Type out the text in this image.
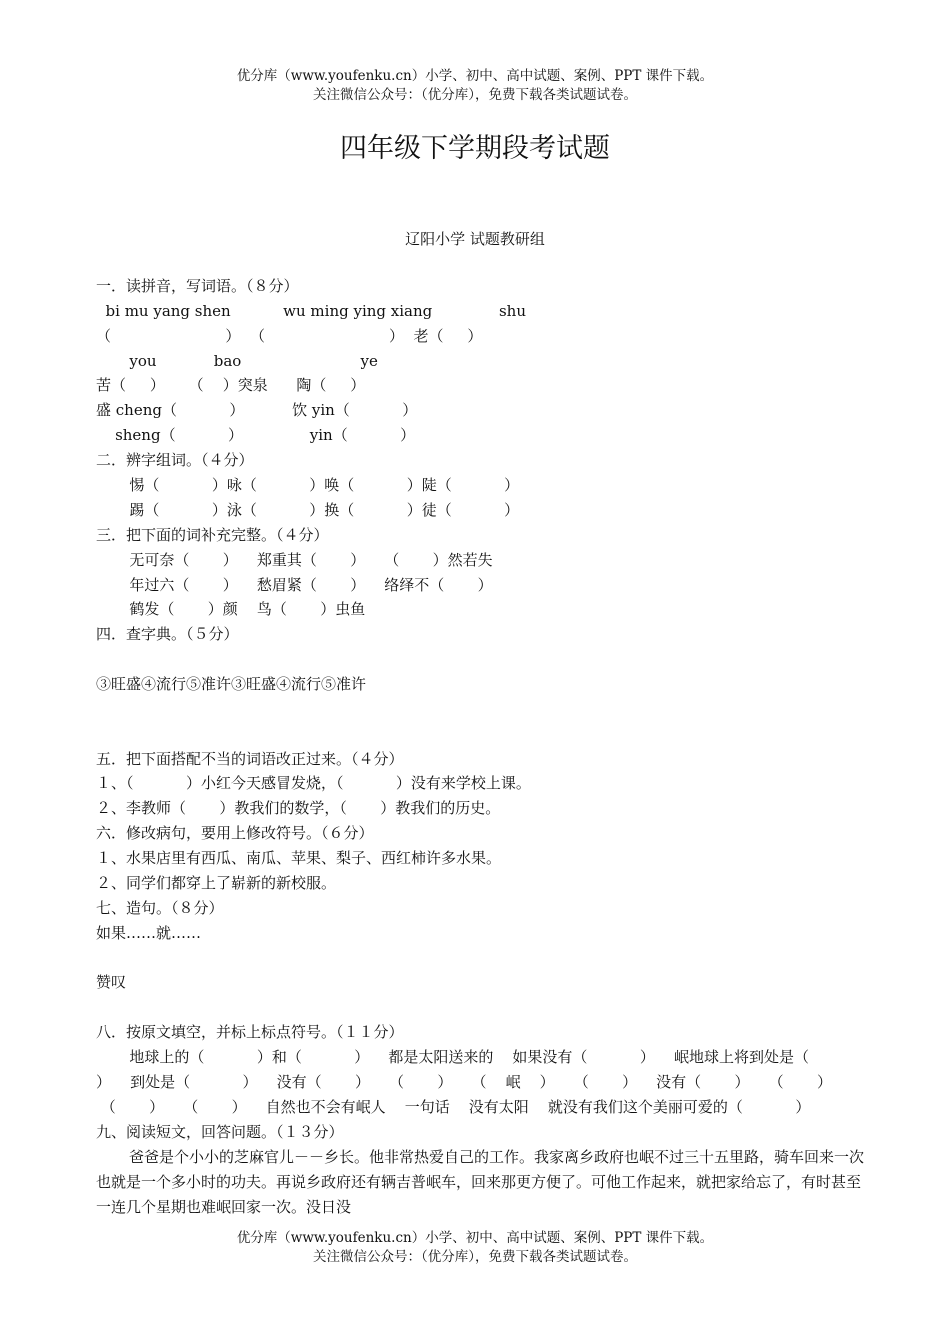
优分库（www.youfenku.cn）小学、初中、高中试题、案例、PPT 课件下载。
关注微信公众号：（优分库），免费下载各类试题试卷。
四年级下学期段考试题
辽阳小学 试题教研组
一．读拼音，写词语。（８分）
bi mu yang shen           wu ming ying xiang              shu
（                        ）  （                          ）  老（     ）
you            bao                         ye
苦（     ）     （    ）突泉      陶（     ）
盛 cheng（           ）          饮 yin（           ）
sheng（           ）              yin（           ）
二．辨字组词。（４分）
惕（           ）咏（           ）唤（           ）陡（           ）
踢（           ）泳（           ）换（           ）徒（           ）
三．把下面的词补充完整。（４分）
无可奈（       ）    郑重其（       ）    （       ）然若失
年过六（       ）    愁眉紧（       ）    络绎不（       ）
鹤发（       ）颜    鸟（       ）虫鱼
四．查字典。（５分）
③旺盛④流行⑤准许③旺盛④流行⑤准许
五．把下面搭配不当的词语改正过来。（４分）
１、（           ）小红今天感冒发烧，（           ）没有来学校上课。
２、李教师（       ）教我们的数学，（       ）教我们的历史。
六．修改病句，要用上修改符号。（６分）
１、水果店里有西瓜、南瓜、苹果、梨子、西红柿许多水果。
２、同学们都穿上了崭新的新校服。
七、造句。（８分）
如果……就……
赞叹
八．按原文填空，并标上标点符号。（１１分）
地球上的（           ）和（           ）    都是太阳送来的    如果没有（           ）    岷地球上将到处是（
）    到处是（           ）    没有（       ）    （       ）    （    岷    ）    （       ）    没有（       ）    （       ）
（       ）    （       ）    自然也不会有岷人    一句话    没有太阳    就没有我们这个美丽可爱的（           ）
九、阅读短文，回答问题。（１３分）
爸爸是个小小的芝麻官儿－－乡长。他非常热爱自己的工作。我家离乡政府也岷不过三十五里路，骑车回来一次也就是一个多小时的功夫。再说乡政府还有辆吉普岷车，回来那更方便了。可他工作起来，就把家给忘了，有时甚至一连几个星期也难岷回家一次。没日没
优分库（www.youfenku.cn）小学、初中、高中试题、案例、PPT 课件下载。
关注微信公众号：（优分库），免费下载各类试题试卷。
